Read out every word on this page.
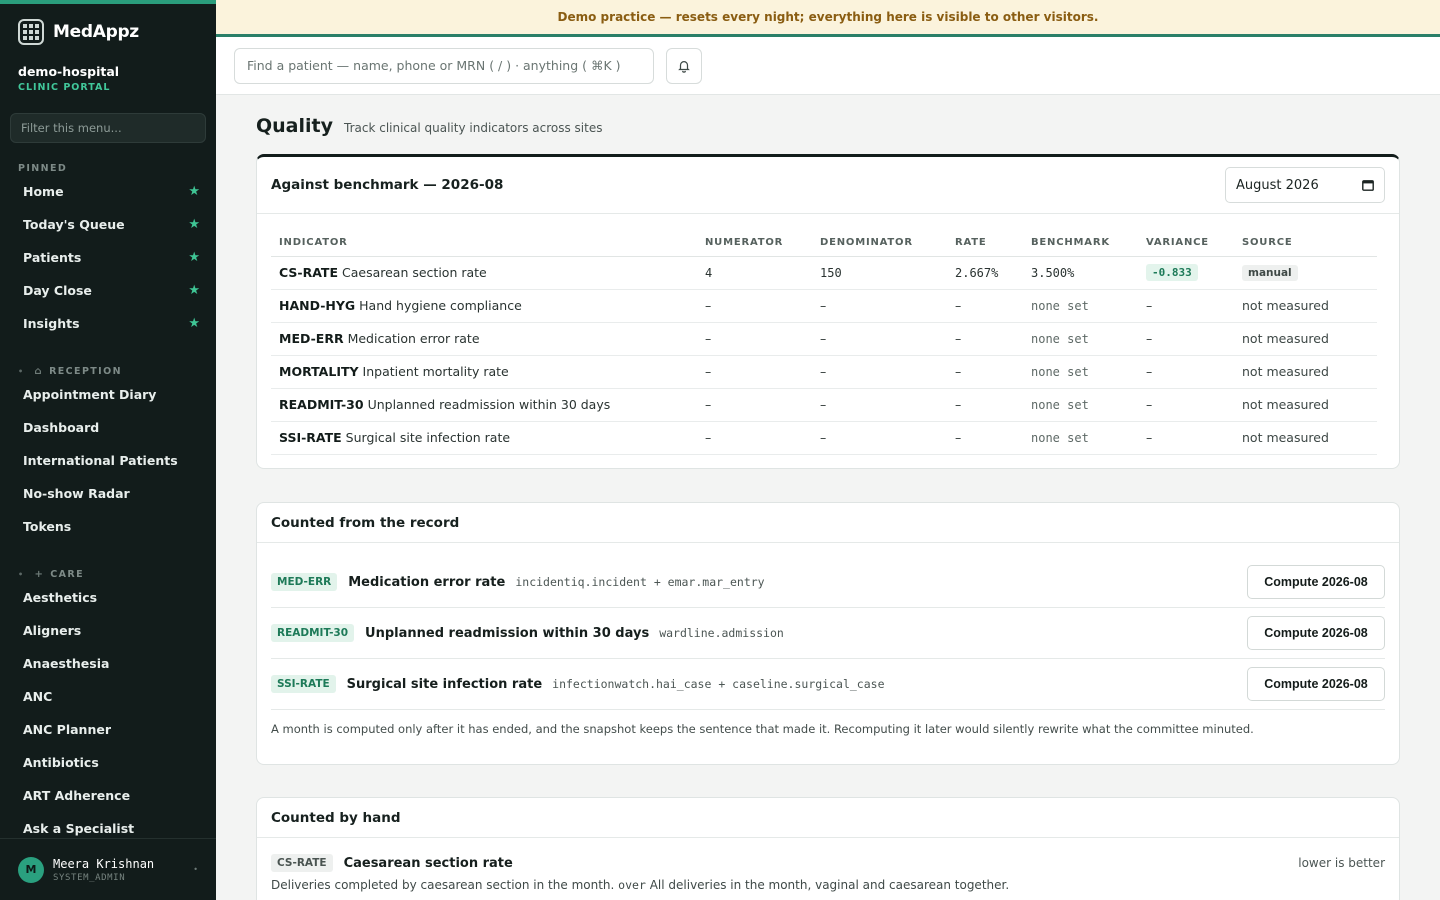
MedAppz
demo-hospital
CLINIC PORTAL
Filter this menu...
PINNED
Home	★
Today's Queue	★
Patients	★
Day Close	★
Insights	★
• ⌂ RECEPTION
Appointment Diary
Dashboard
International Patients
No-show Radar
Tokens
• + CARE
Aesthetics
Aligners
Anaesthesia
ANC
ANC Planner
Antibiotics
ART Adherence
Ask a Specialist
M	Meera Krishnan
SYSTEM_ADMIN
•
Demo practice — resets every night; everything here is visible to other visitors.
Find a patient — name, phone or MRN ( / ) · anything ( ⌘K )
Quality Track clinical quality indicators across sites
Against benchmark — 2026-08	August 2026
INDICATOR	NUMERATOR	DENOMINATOR	RATE	BENCHMARK	VARIANCE	SOURCE
CS-RATE Caesarean section rate	4	150	2.667%	3.500%	-0.833	manual
HAND-HYG Hand hygiene compliance	–	–	–	none set	–	not measured
MED-ERR Medication error rate	–	–	–	none set	–	not measured
MORTALITY Inpatient mortality rate	–	–	–	none set	–	not measured
READMIT-30 Unplanned readmission within 30 days	–	–	–	none set	–	not measured
SSI-RATE Surgical site infection rate	–	–	–	none set	–	not measured
Counted from the record
MED-ERR	Medication error rate incidentiq.incident + emar.mar_entry	Compute 2026-08
READMIT-30	Unplanned readmission within 30 days wardline.admission	Compute 2026-08
SSI-RATE	Surgical site infection rate infectionwatch.hai_case + caseline.surgical_case	Compute 2026-08

A month is computed only after it has ended, and the snapshot keeps the sentence that made it. Recomputing it later would silently rewrite what the committee minuted.

Counted by hand
CS-RATE	Caesarean section rate	lower is better

Deliveries completed by caesarean section in the month. over All deliveries in the month, vaginal and caesarean together.
